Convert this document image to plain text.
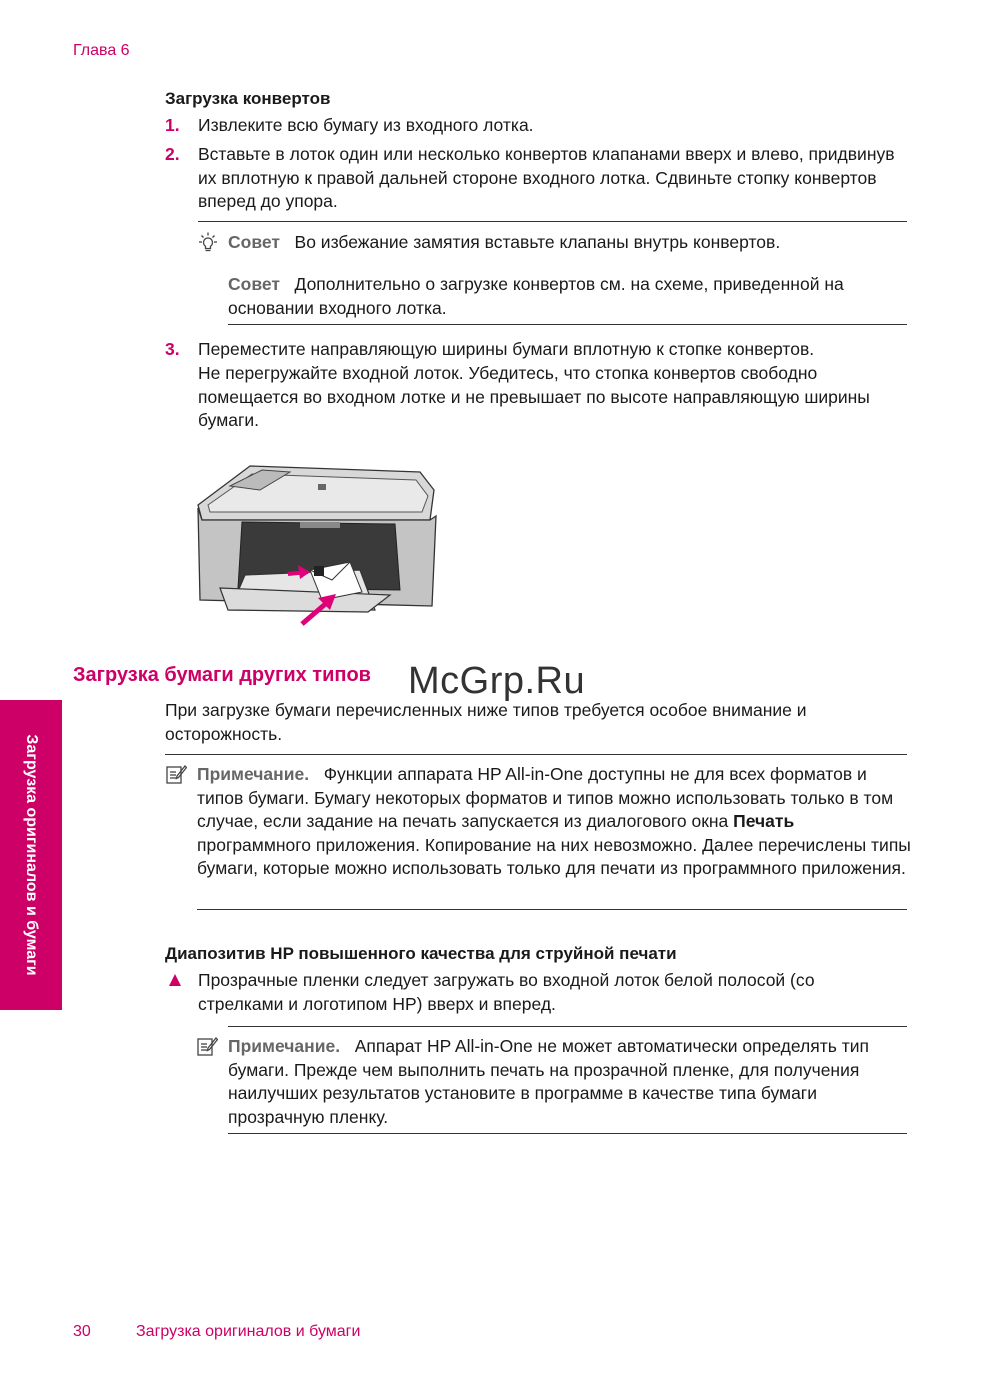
Глава 6
Загрузка конвертов
1. Извлеките всю бумагу из входного лотка.
2. Вставьте в лоток один или несколько конвертов клапанами вверх и влево, придвинув их вплотную к правой дальней стороне входного лотка. Сдвиньте стопку конвертов вперед до упора.
Совет Во избежание замятия вставьте клапаны внутрь конвертов.
Совет Дополнительно о загрузке конвертов см. на схеме, приведенной на основании входного лотка.
3. Переместите направляющую ширины бумаги вплотную к стопке конвертов.
Не перегружайте входной лоток. Убедитесь, что стопка конвертов свободно помещается во входном лотке и не превышает по высоте направляющую ширины бумаги.
Загрузка бумаги других типов
При загрузке бумаги перечисленных ниже типов требуется особое внимание и осторожность.
McGrp.Ru
Примечание. Функции аппарата HP All-in-One доступны не для всех форматов и типов бумаги. Бумагу некоторых форматов и типов можно использовать только в том случае, если задание на печать запускается из диалогового окна Печать программного приложения. Копирование на них невозможно. Далее перечислены типы бумаги, которые можно использовать только для печати из программного приложения.
Диапозитив HP повышенного качества для струйной печати
Прозрачные пленки следует загружать во входной лоток белой полосой (со стрелками и логотипом HP) вверх и вперед.
Примечание. Аппарат HP All-in-One не может автоматически определять тип бумаги. Прежде чем выполнить печать на прозрачной пленке, для получения наилучших результатов установите в программе в качестве типа бумаги прозрачную пленку.
Загрузка оригиналов и бумаги
30	Загрузка оригиналов и бумаги
